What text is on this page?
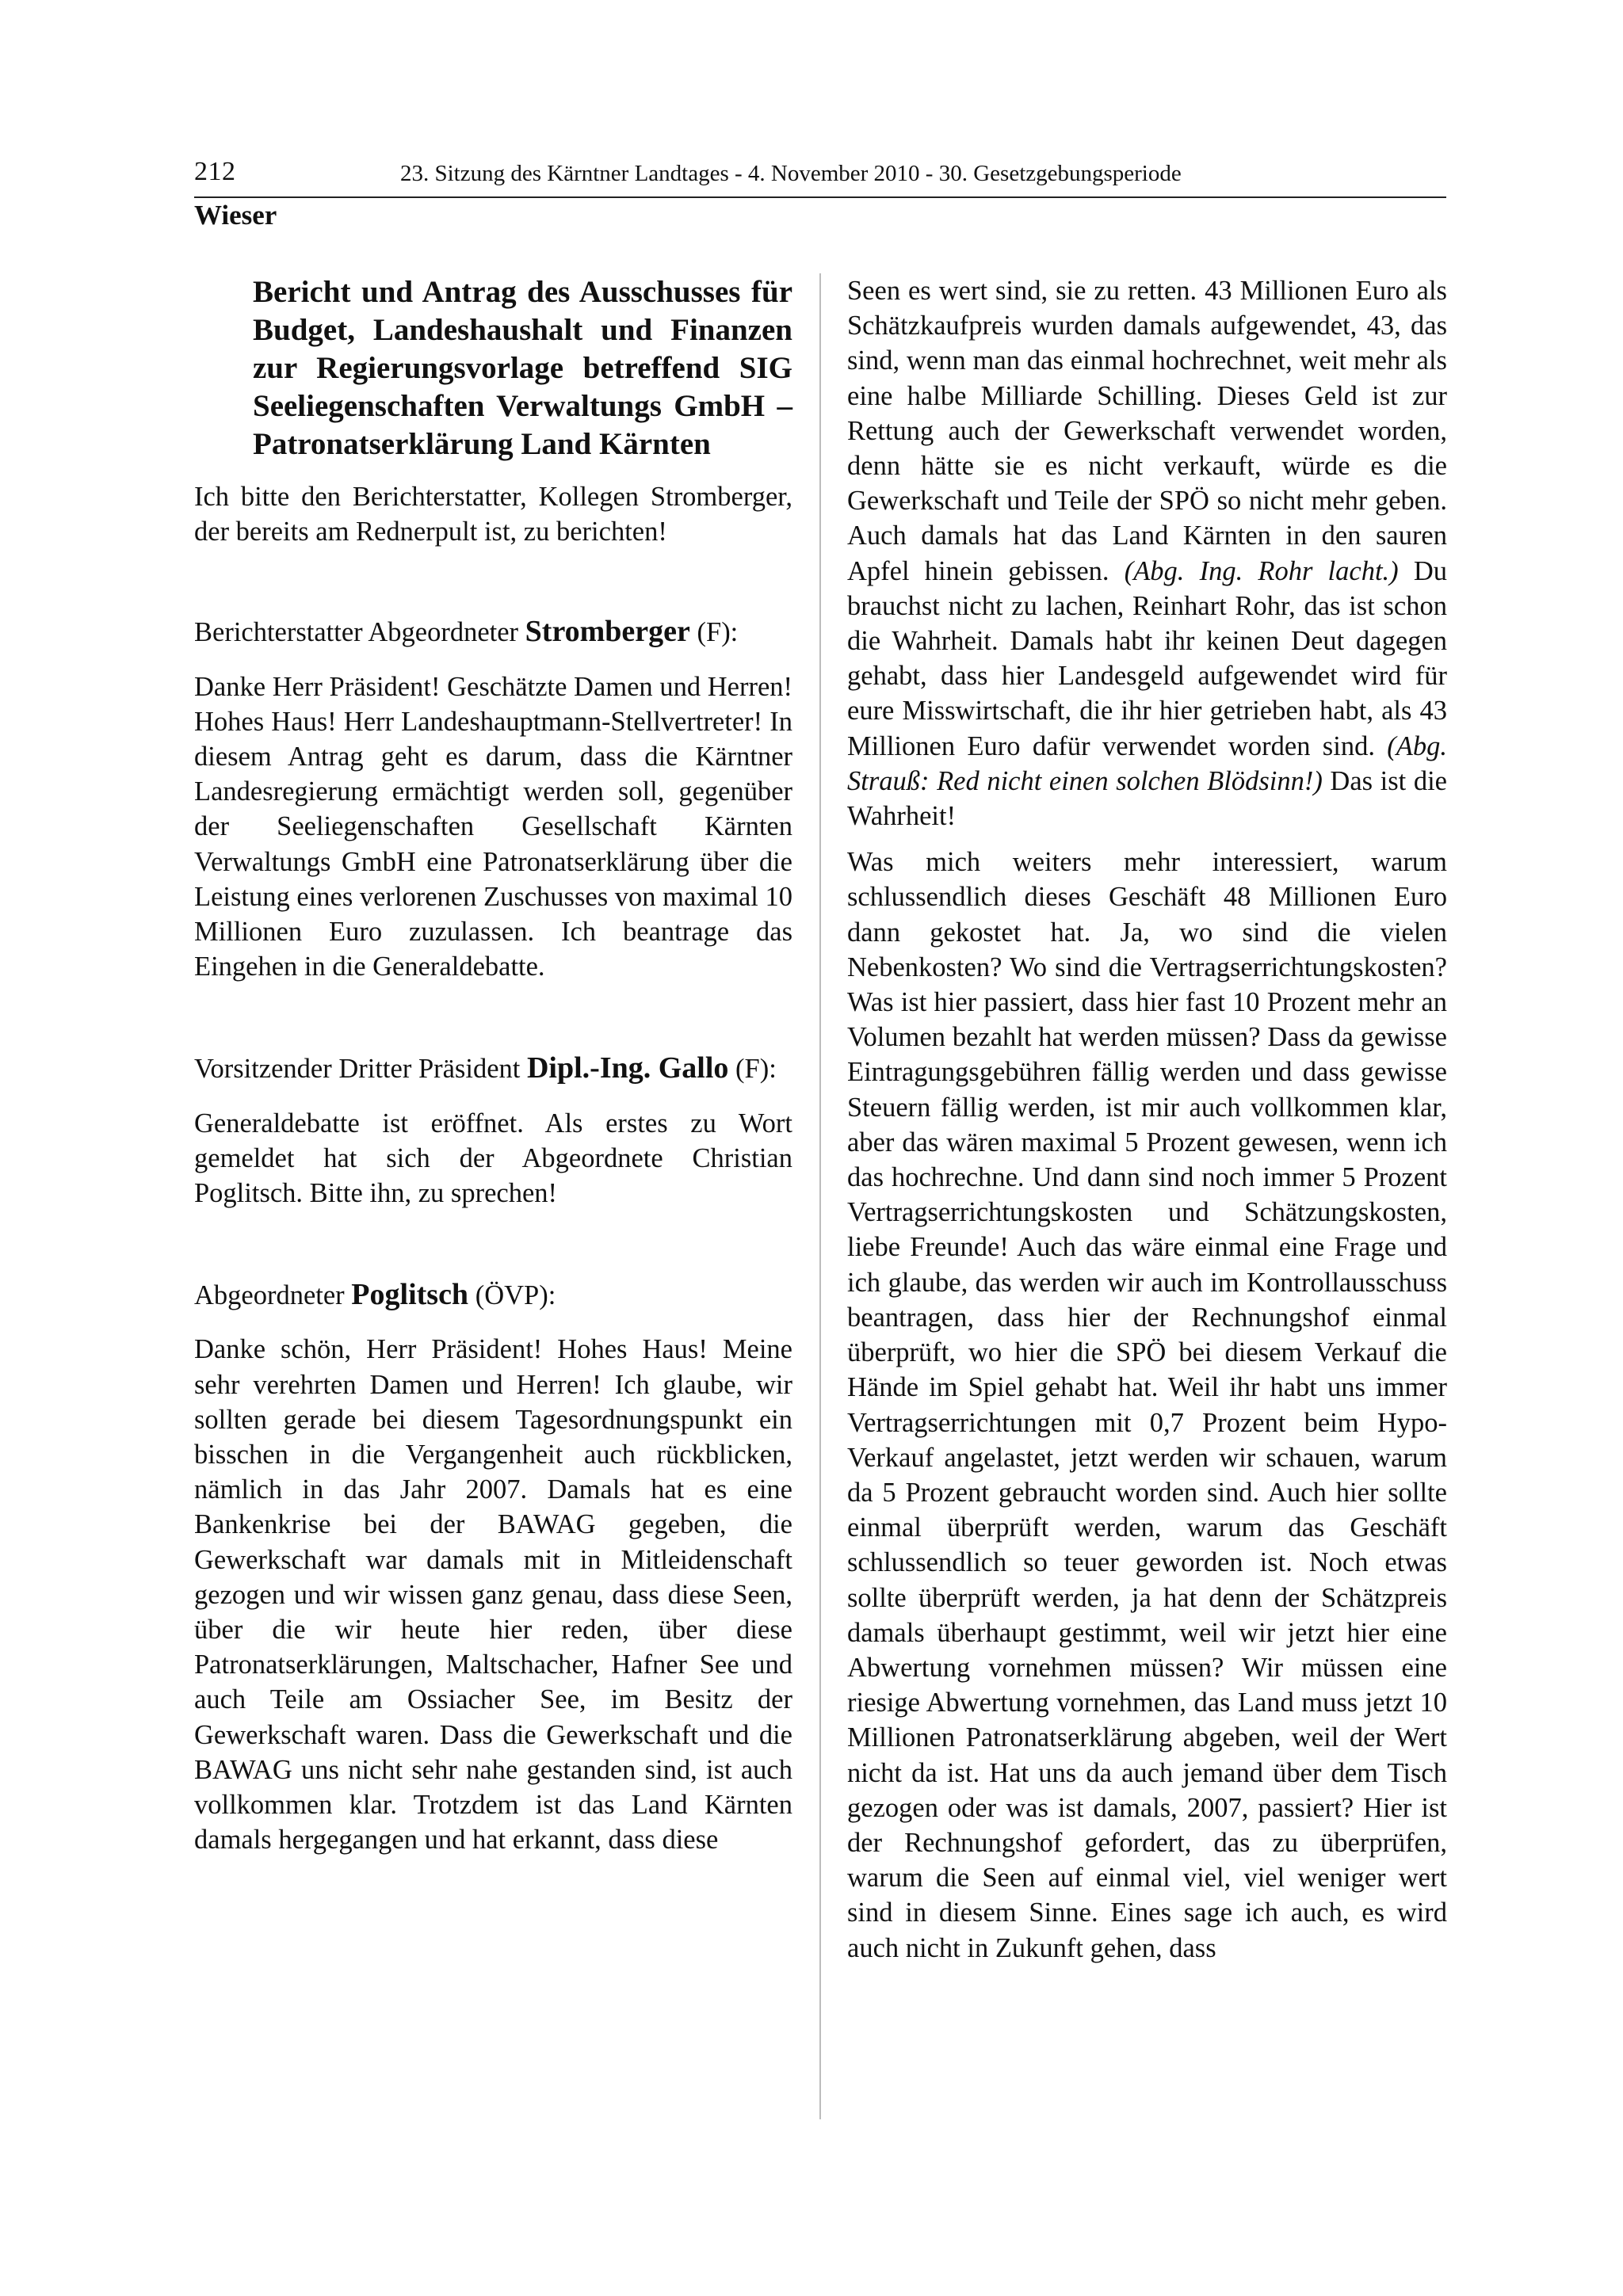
212	23. Sitzung des Kärntner Landtages - 4. November 2010 - 30. Gesetzgebungsperiode
Wieser
Bericht und Antrag des Ausschusses für Budget, Landeshaushalt und Finanzen zur Regierungsvorlage betreffend SIG Seeliegenschaften Verwaltungs GmbH – Patronatserklärung Land Kärnten

Ich bitte den Berichterstatter, Kollegen Stromberger, der bereits am Rednerpult ist, zu berichten!

Berichterstatter Abgeordneter Stromberger (F):

Danke Herr Präsident! Geschätzte Damen und Herren! Hohes Haus! Herr Landeshauptmann-Stellvertreter! In diesem Antrag geht es darum, dass die Kärntner Landesregierung ermächtigt werden soll, gegenüber der Seeliegenschaften Gesellschaft Kärnten Verwaltungs GmbH eine Patronatserklärung über die Leistung eines verlorenen Zuschusses von maximal 10 Millionen Euro zuzulassen. Ich beantrage das Eingehen in die Generaldebatte.

Vorsitzender Dritter Präsident Dipl.-Ing. Gallo (F):

Generaldebatte ist eröffnet. Als erstes zu Wort gemeldet hat sich der Abgeordnete Christian Poglitsch. Bitte ihn, zu sprechen!

Abgeordneter Poglitsch (ÖVP):

Danke schön, Herr Präsident! Hohes Haus! Meine sehr verehrten Damen und Herren! Ich glaube, wir sollten gerade bei diesem Tagesordnungspunkt ein bisschen in die Vergangenheit auch rückblicken, nämlich in das Jahr 2007. Damals hat es eine Bankenkrise bei der BAWAG gegeben, die Gewerkschaft war damals mit in Mitleidenschaft gezogen und wir wissen ganz genau, dass diese Seen, über die wir heute hier reden, über diese Patronatserklärungen, Maltschacher, Hafner See und auch Teile am Ossiacher See, im Besitz der Gewerkschaft waren. Dass die Gewerkschaft und die BAWAG uns nicht sehr nahe gestanden sind, ist auch vollkommen klar. Trotzdem ist das Land Kärnten damals hergegangen und hat erkannt, dass diese

Seen es wert sind, sie zu retten. 43 Millionen Euro als Schätzkaufpreis wurden damals aufgewendet, 43, das sind, wenn man das einmal hochrechnet, weit mehr als eine halbe Milliarde Schilling. Dieses Geld ist zur Rettung auch der Gewerkschaft verwendet worden, denn hätte sie es nicht verkauft, würde es die Gewerkschaft und Teile der SPÖ so nicht mehr geben. Auch damals hat das Land Kärnten in den sauren Apfel hinein gebissen. (Abg. Ing. Rohr lacht.) Du brauchst nicht zu lachen, Reinhart Rohr, das ist schon die Wahrheit. Damals habt ihr keinen Deut dagegen gehabt, dass hier Landesgeld aufgewendet wird für eure Misswirtschaft, die ihr hier getrieben habt, als 43 Millionen Euro dafür verwendet worden sind. (Abg. Strauß: Red nicht einen solchen Blödsinn!) Das ist die Wahrheit!

Was mich weiters mehr interessiert, warum schlussendlich dieses Geschäft 48 Millionen Euro dann gekostet hat. Ja, wo sind die vielen Nebenkosten? Wo sind die Vertragserrichtungskosten? Was ist hier passiert, dass hier fast 10 Prozent mehr an Volumen bezahlt hat werden müssen? Dass da gewisse Eintragungsgebühren fällig werden und dass gewisse Steuern fällig werden, ist mir auch vollkommen klar, aber das wären maximal 5 Prozent gewesen, wenn ich das hochrechne. Und dann sind noch immer 5 Prozent Vertragserrichtungskosten und Schätzungskosten, liebe Freunde! Auch das wäre einmal eine Frage und ich glaube, das werden wir auch im Kontrollausschuss beantragen, dass hier der Rechnungshof einmal überprüft, wo hier die SPÖ bei diesem Verkauf die Hände im Spiel gehabt hat. Weil ihr habt uns immer Vertragserrichtungen mit 0,7 Prozent beim Hypo-Verkauf angelastet, jetzt werden wir schauen, warum da 5 Prozent gebraucht worden sind. Auch hier sollte einmal überprüft werden, warum das Geschäft schlussendlich so teuer geworden ist. Noch etwas sollte überprüft werden, ja hat denn der Schätzpreis damals überhaupt gestimmt, weil wir jetzt hier eine Abwertung vornehmen müssen? Wir müssen eine riesige Abwertung vornehmen, das Land muss jetzt 10 Millionen Patronatserklärung abgeben, weil der Wert nicht da ist. Hat uns da auch jemand über dem Tisch gezogen oder was ist damals, 2007, passiert? Hier ist der Rechnungshof gefordert, das zu überprüfen, warum die Seen auf einmal viel, viel weniger wert sind in diesem Sinne. Eines sage ich auch, es wird auch nicht in Zukunft gehen, dass
